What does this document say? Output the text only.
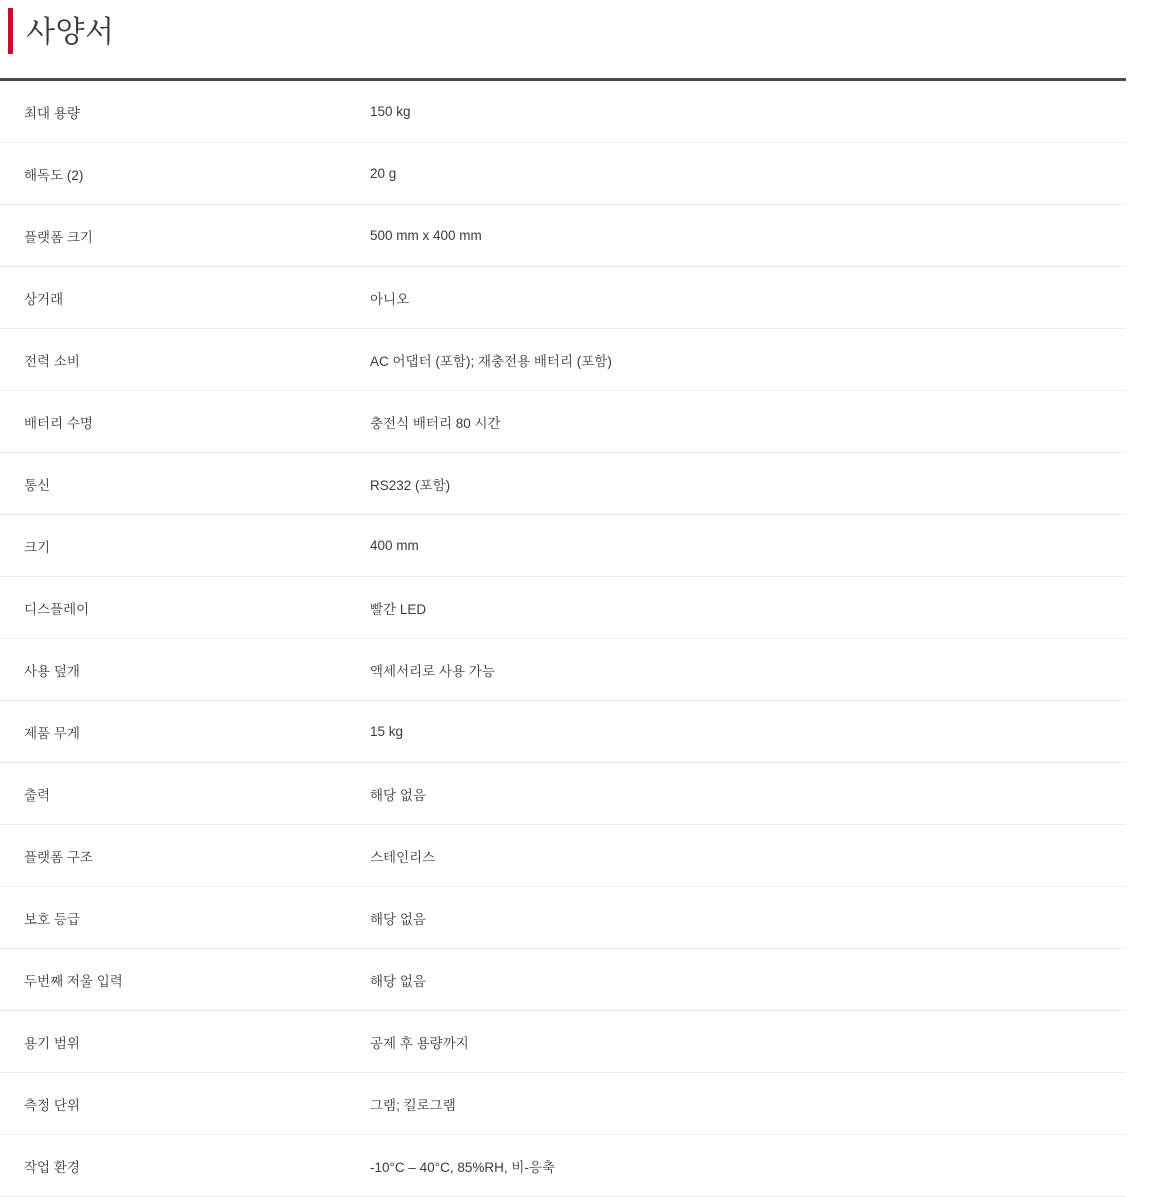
사양서
최대 용량	150 kg
해독도 (2)	20 g
플랫폼 크기	500 mm x 400 mm
상거래	아니오
전력 소비	AC 어댑터 (포함); 재충전용 배터리 (포함)
배터리 수명	충전식 배터리 80 시간
통신	RS232 (포함)
크기	400 mm
디스플레이	빨간 LED
사용 덮개	액세서리로 사용 가능
제품 무게	15 kg
출력	해당 없음
플랫폼 구조	스테인리스
보호 등급	해당 없음
두번째 저울 입력	해당 없음
용기 범위	공제 후 용량까지
측정 단위	그램; 킬로그램
작업 환경	-10°C – 40°C, 85%RH, 비-응축
